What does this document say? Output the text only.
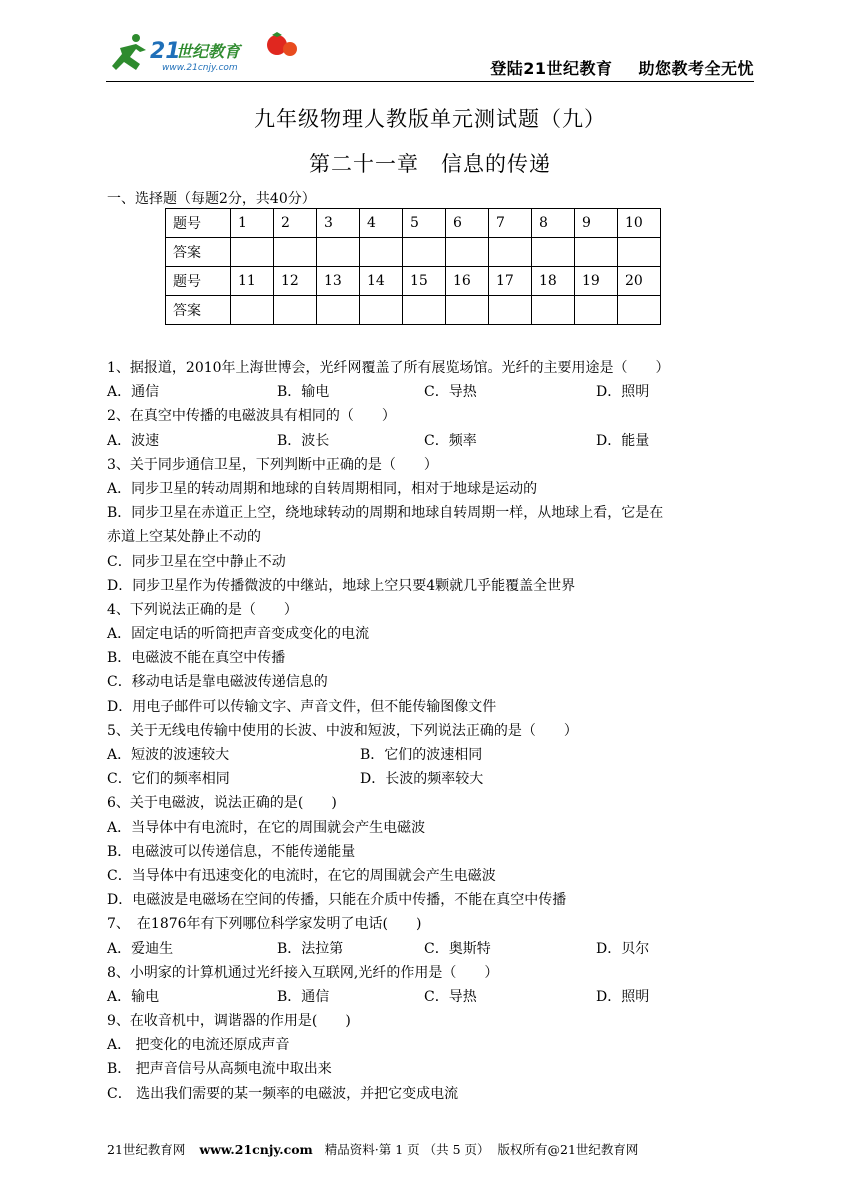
21
世纪教育
www.21cnjy.com	登陆21世纪教育 助您教考全无忧
九年级物理人教版单元测试题（九）
第二十一章　信息的传递
一、选择题（每题2分，共40分）
题号	1	2	3	4	5	6	7	8	9	10
答案										
题号	11	12	13	14	15	16	17	18	19	20
答案										
1、据报道，2010年上海世博会，光纤网覆盖了所有展览场馆。光纤的主要用途是（　　）
A．通信	B．输电	C．导热	D．照明
2、在真空中传播的电磁波具有相同的（　　）
A．波速	B．波长	C．频率	D．能量
3、关于同步通信卫星，下列判断中正确的是（　　）
A．同步卫星的转动周期和地球的自转周期相同，相对于地球是运动的
B．同步卫星在赤道正上空，绕地球转动的周期和地球自转周期一样，从地球上看，它是在
赤道上空某处静止不动的
C．同步卫星在空中静止不动
D．同步卫星作为传播微波的中继站，地球上空只要4颗就几乎能覆盖全世界
4、下列说法正确的是（　　）
A．固定电话的听筒把声音变成变化的电流
B．电磁波不能在真空中传播
C．移动电话是靠电磁波传递信息的
D．用电子邮件可以传输文字、声音文件，但不能传输图像文件
5、关于无线电传输中使用的长波、中波和短波，下列说法正确的是（　　）
A．短波的波速较大	B．它们的波速相同
C．它们的频率相同	D．长波的频率较大
6、关于电磁波，说法正确的是(　　)
A．当导体中有电流时，在它的周围就会产生电磁波
B．电磁波可以传递信息，不能传递能量
C．当导体中有迅速变化的电流时，在它的周围就会产生电磁波
D．电磁波是电磁场在空间的传播，只能在介质中传播，不能在真空中传播
7、　在1876年有下列哪位科学家发明了电话(　　)
A．爱迪生	B．法拉第	C．奥斯特	D．贝尔
8、小明家的计算机通过光纤接入互联网,光纤的作用是（　　）
A．输电	B．通信	C．导热	D．照明
9、在收音机中，调谐器的作用是(　　)
A． 把变化的电流还原成声音
B． 把声音信号从高频电流中取出来
C． 选出我们需要的某一频率的电磁波，并把它变成电流
21世纪教育网 www.21cnjy.com 精品资料·第 1 页 （共 5 页） 版权所有@21世纪教育网
